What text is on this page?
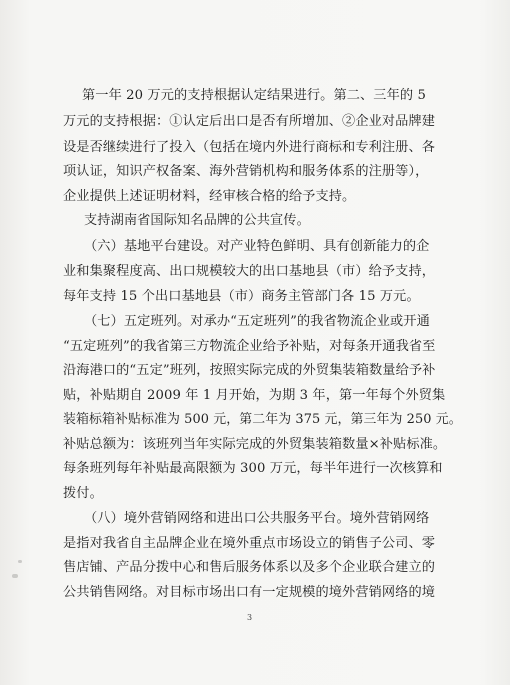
第一年 20 万元的支持根据认定结果进行。第二、三年的 5
万元的支持根据：①认定后出口是否有所增加、②企业对品牌建
设是否继续进行了投入（包括在境内外进行商标和专利注册、各
项认证，知识产权备案、海外营销机构和服务体系的注册等），
企业提供上述证明材料，经审核合格的给予支持。
支持湖南省国际知名品牌的公共宣传。
（六）基地平台建设。对产业特色鲜明、具有创新能力的企
业和集聚程度高、出口规模较大的出口基地县（市）给予支持，
每年支持 15 个出口基地县（市）商务主管部门各 15 万元。
（七）五定班列。对承办“五定班列”的我省物流企业或开通
“五定班列”的我省第三方物流企业给予补贴，对每条开通我省至
沿海港口的“五定”班列，按照实际完成的外贸集装箱数量给予补
贴，补贴期自 2009 年 1 月开始，为期 3 年，第一年每个外贸集
装箱标箱补贴标准为 500 元，第二年为 375 元，第三年为 250 元。
补贴总额为：该班列当年实际完成的外贸集装箱数量×补贴标准。
每条班列每年补贴最高限额为 300 万元，每半年进行一次核算和
拨付。
（八）境外营销网络和进出口公共服务平台。境外营销网络
是指对我省自主品牌企业在境外重点市场设立的销售子公司、零
售店铺、产品分拨中心和售后服务体系以及多个企业联合建立的
公共销售网络。对目标市场出口有一定规模的境外营销网络的境
3
